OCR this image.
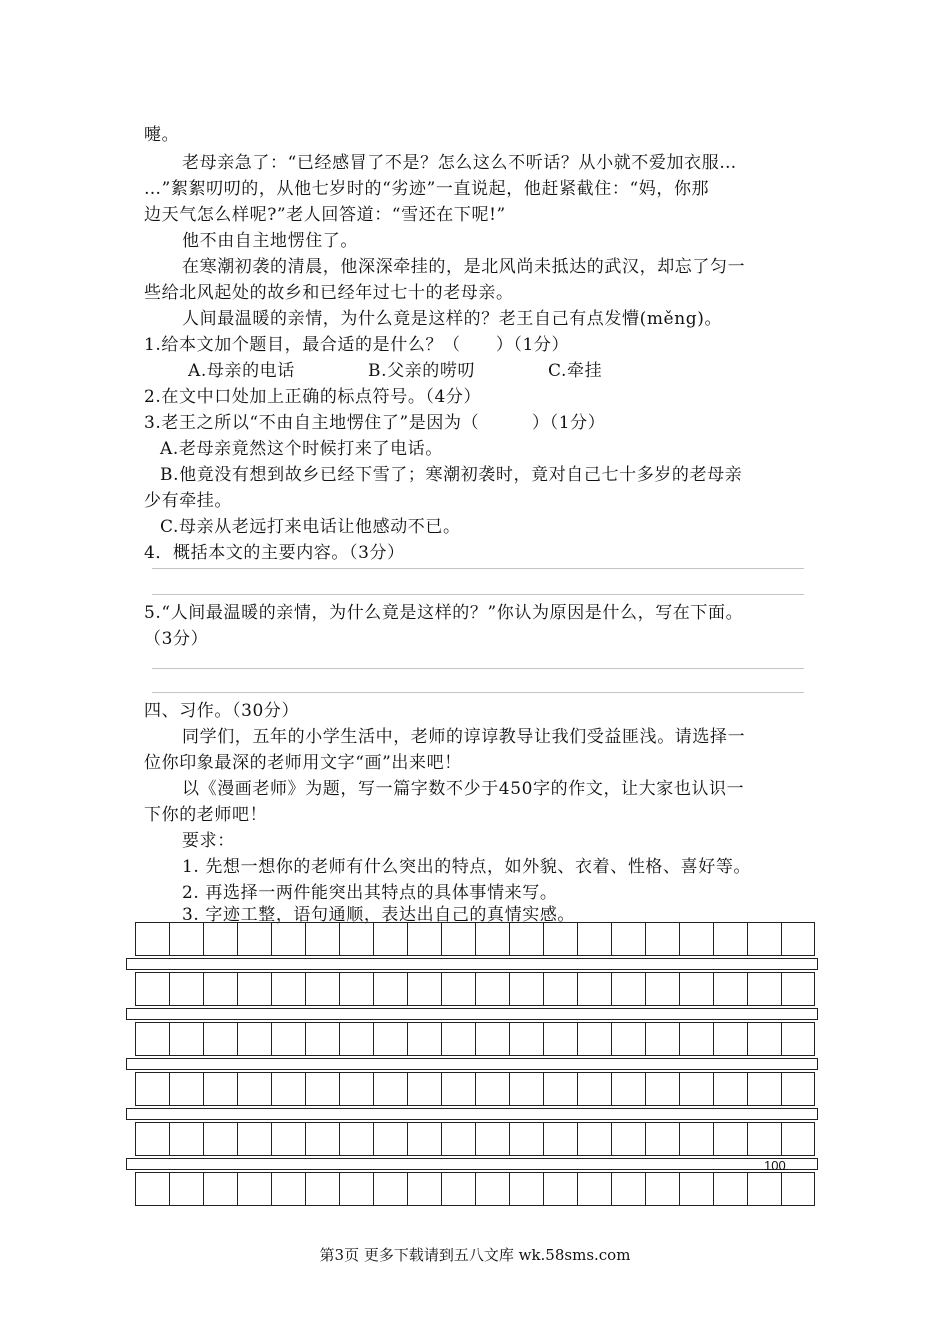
嚏。
老母亲急了：“已经感冒了不是？怎么这么不听话？从小就不爱加衣服…
…”絮絮叨叨的，从他七岁时的“劣迹”一直说起，他赶紧截住：“妈，你那
边天气怎么样呢?”老人回答道：“雪还在下呢!”
他不由自主地愣住了。
在寒潮初袭的清晨，他深深牵挂的，是北风尚未抵达的武汉，却忘了匀一
些给北风起处的故乡和已经年过七十的老母亲。
人间最温暖的亲情，为什么竟是这样的？老王自己有点发懵(měng)。
1.给本文加个题目，最合适的是什么？（　　）（1分）
A.母亲的电话	B.父亲的唠叨	C.牵挂
2.在文中口处加上正确的标点符号。（4分）
3.老王之所以“不由自主地愣住了”是因为（　　　）（1分）
A.老母亲竟然这个时候打来了电话。
B.他竟没有想到故乡已经下雪了；寒潮初袭时，竟对自己七十多岁的老母亲
少有牵挂。
C.母亲从老远打来电话让他感动不已。
4．概括本文的主要内容。（3分）
5.“人间最温暖的亲情，为什么竟是这样的？”你认为原因是什么，写在下面。
（3分）
四、习作。（30分）
同学们，五年的小学生活中，老师的谆谆教导让我们受益匪浅。请选择一
位你印象最深的老师用文字“画”出来吧！
以《漫画老师》为题，写一篇字数不少于450字的作文，让大家也认识一
下你的老师吧！
要求：
1. 先想一想你的老师有什么突出的特点，如外貌、衣着、性格、喜好等。
2. 再选择一两件能突出其特点的具体事情来写。
3. 字迹工整，语句通顺，表达出自己的真情实感。
100
第3页 更多下载请到五八文库 wk.58sms.com
